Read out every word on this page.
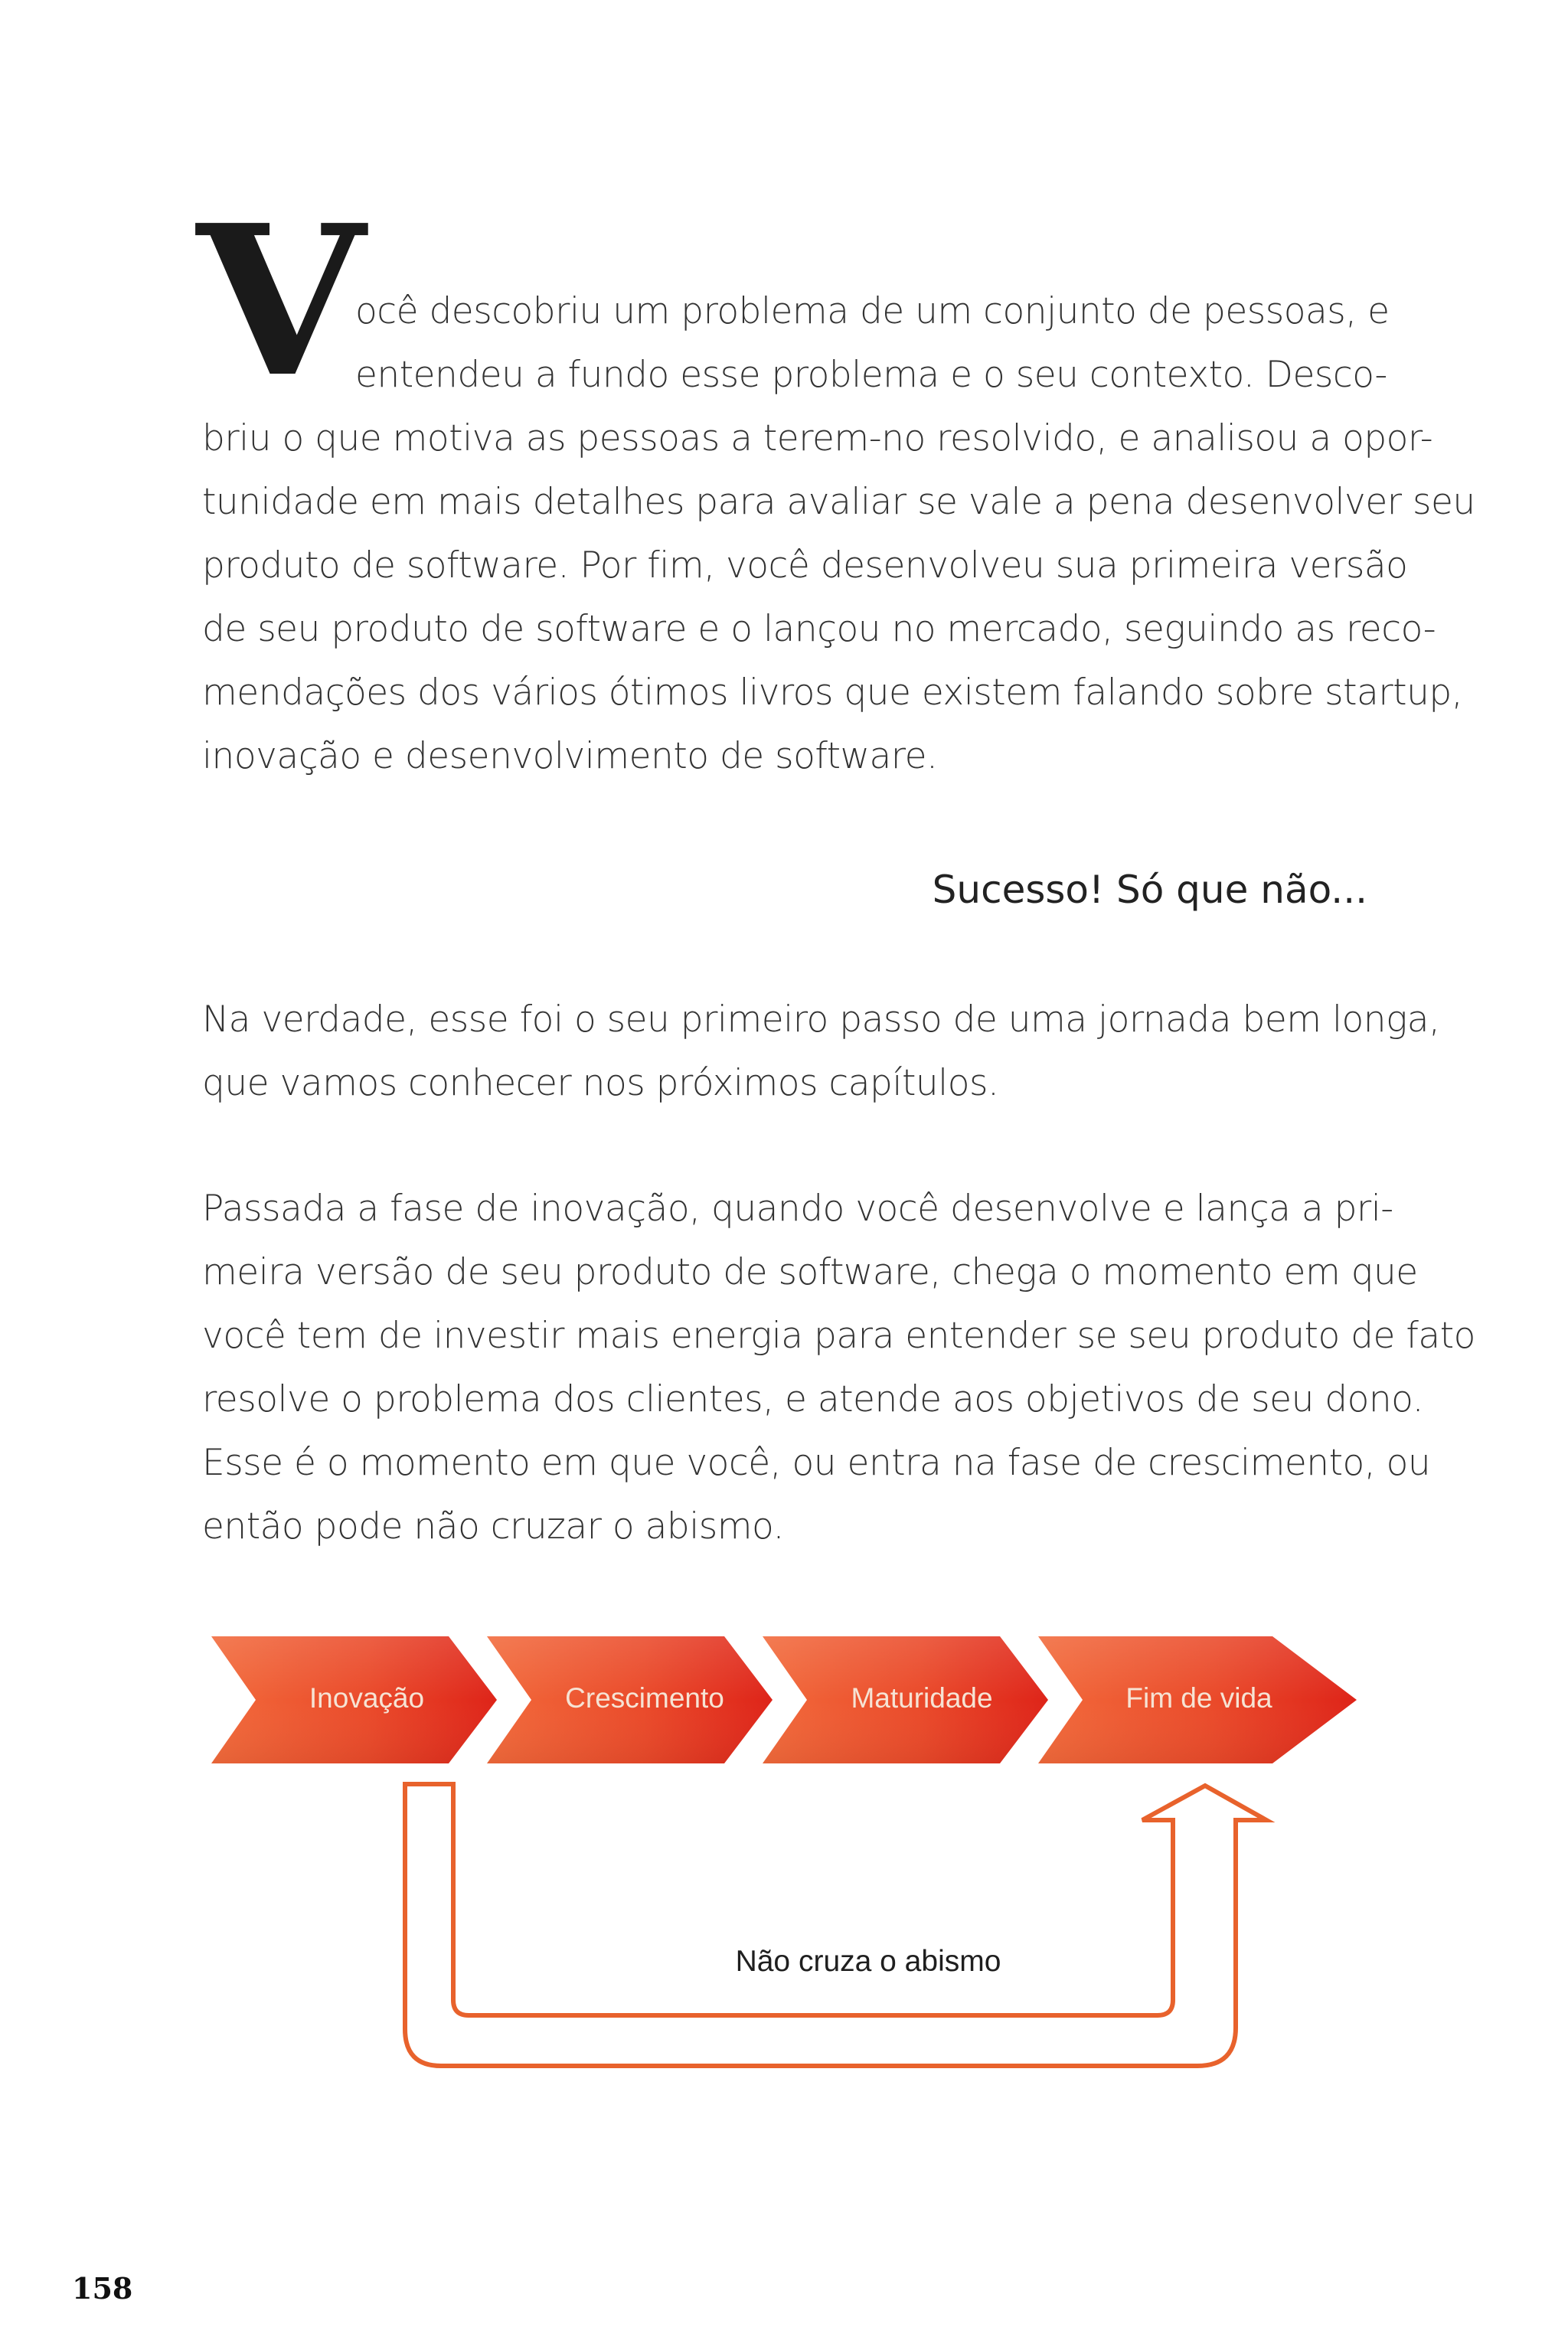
V
ocê descobriu um problema de um conjunto de pessoas, e
entendeu a fundo esse problema e o seu contexto. Desco-
briu o que motiva as pessoas a terem-no resolvido, e analisou a opor-
tunidade em mais detalhes para avaliar se vale a pena desenvolver seu
produto de software. Por fim, você desenvolveu sua primeira versão
de seu produto de software e o lançou no mercado, seguindo as reco-
mendações dos vários ótimos livros que existem falando sobre startup,
inovação e desenvolvimento de software.
Sucesso! Só que não...
Na verdade, esse foi o seu primeiro passo de uma jornada bem longa,
que vamos conhecer nos próximos capítulos.
Passada a fase de inovação, quando você desenvolve e lança a pri-
meira versão de seu produto de software, chega o momento em que
você tem de investir mais energia para entender se seu produto de fato
resolve o problema dos clientes, e atende aos objetivos de seu dono.
Esse é o momento em que você, ou entra na fase de crescimento, ou
então pode não cruzar o abismo.
Inovação	Crescimento	Maturidade	Fim de vida
Não cruza o abismo
158
